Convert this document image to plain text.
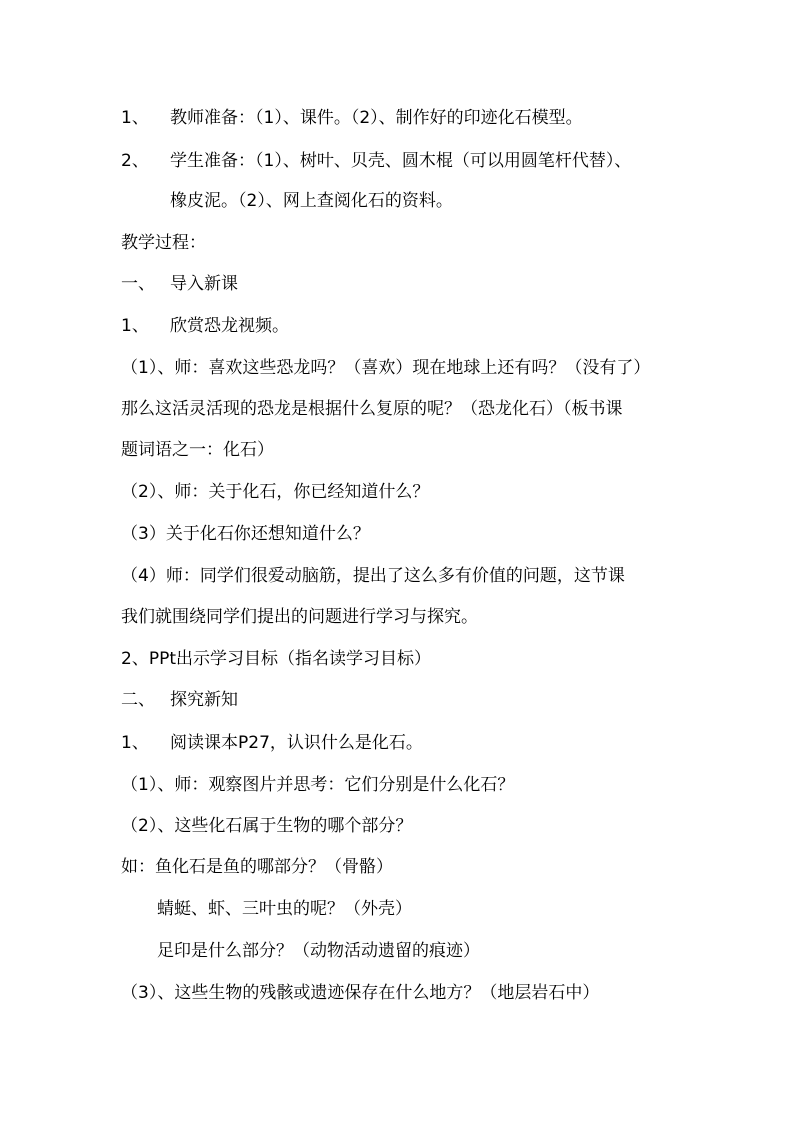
1、 教师准备：（1）、课件。（2）、制作好的印迹化石模型。
2、 学生准备：（1）、树叶、贝壳、圆木棍（可以用圆笔杆代替）、
橡皮泥。（2）、网上查阅化石的资料。
教学过程：
一、 导入新课
1、 欣赏恐龙视频。
（1）、师：喜欢这些恐龙吗？（喜欢）现在地球上还有吗？（没有了）
那么这活灵活现的恐龙是根据什么复原的呢？（恐龙化石）（板书课
题词语之一：化石）
（2）、师：关于化石，你已经知道什么？
（3）关于化石你还想知道什么？
（4）师：同学们很爱动脑筋，提出了这么多有价值的问题，这节课
我们就围绕同学们提出的问题进行学习与探究。
2、PPt出示学习目标（指名读学习目标）
二、 探究新知
1、 阅读课本P27，认识什么是化石。
（1）、师：观察图片并思考：它们分别是什么化石？
（2）、这些化石属于生物的哪个部分？
如：鱼化石是鱼的哪部分？（骨骼）
蜻蜓、虾、三叶虫的呢？（外壳）
足印是什么部分？（动物活动遗留的痕迹）
（3）、这些生物的残骸或遗迹保存在什么地方？（地层岩石中）
